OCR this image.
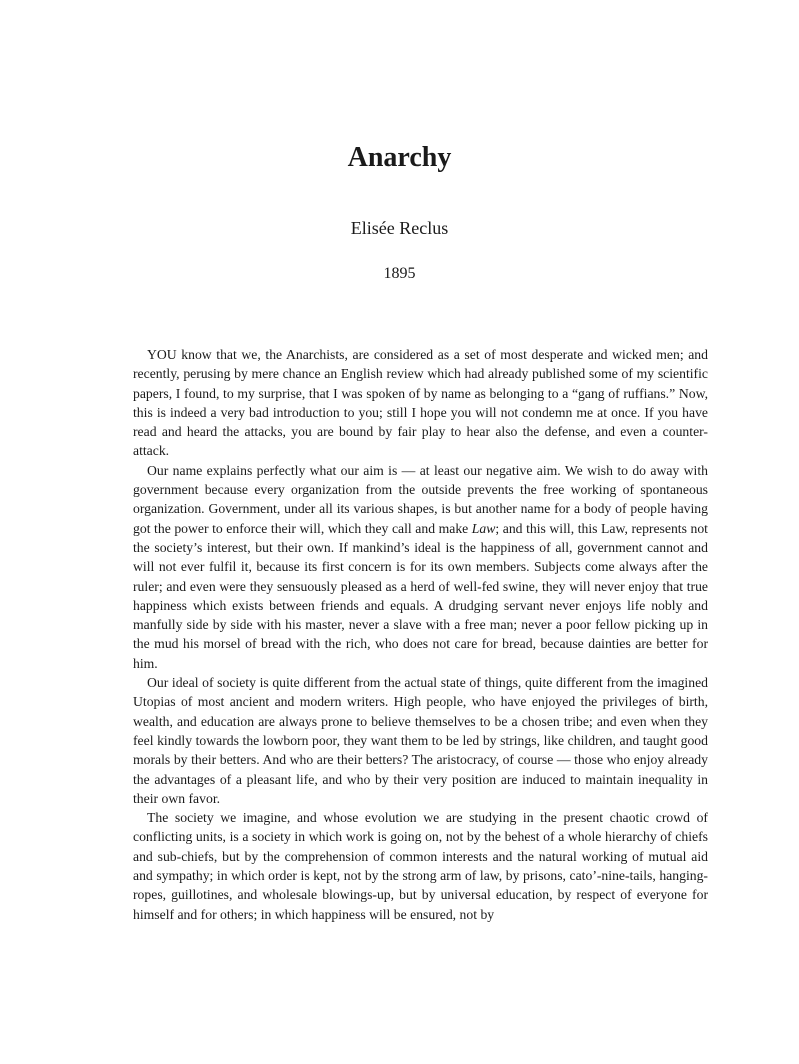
Anarchy
Elisée Reclus
1895

YOU know that we, the Anarchists, are considered as a set of most desperate and wicked men; and recently, perusing by mere chance an English review which had already published some of my scientific papers, I found, to my surprise, that I was spoken of by name as belonging to a “gang of ruffians.” Now, this is indeed a very bad introduction to you; still I hope you will not condemn me at once. If you have read and heard the attacks, you are bound by fair play to hear also the defense, and even a counter-attack.

Our name explains perfectly what our aim is — at least our negative aim. We wish to do away with government because every organization from the outside prevents the free working of spontaneous organization. Government, under all its various shapes, is but another name for a body of people having got the power to enforce their will, which they call and make Law; and this will, this Law, represents not the society’s interest, but their own. If mankind’s ideal is the happiness of all, government cannot and will not ever fulfil it, because its first concern is for its own members. Subjects come always after the ruler; and even were they sensuously pleased as a herd of well-fed swine, they will never enjoy that true happiness which exists between friends and equals. A drudging servant never enjoys life nobly and manfully side by side with his master, never a slave with a free man; never a poor fellow picking up in the mud his morsel of bread with the rich, who does not care for bread, because dainties are better for him.

Our ideal of society is quite different from the actual state of things, quite different from the imagined Utopias of most ancient and modern writers. High people, who have enjoyed the privileges of birth, wealth, and education are always prone to believe themselves to be a chosen tribe; and even when they feel kindly towards the lowborn poor, they want them to be led by strings, like children, and taught good morals by their betters. And who are their betters? The aristocracy, of course — those who enjoy already the advantages of a pleasant life, and who by their very position are induced to maintain inequality in their own favor.

The society we imagine, and whose evolution we are studying in the present chaotic crowd of conflicting units, is a society in which work is going on, not by the behest of a whole hierarchy of chiefs and sub-chiefs, but by the comprehension of common interests and the natural working of mutual aid and sympathy; in which order is kept, not by the strong arm of law, by prisons, cato’-nine-tails, hanging-ropes, guillotines, and wholesale blowings-up, but by universal education, by respect of everyone for himself and for others; in which happiness will be ensured, not by
